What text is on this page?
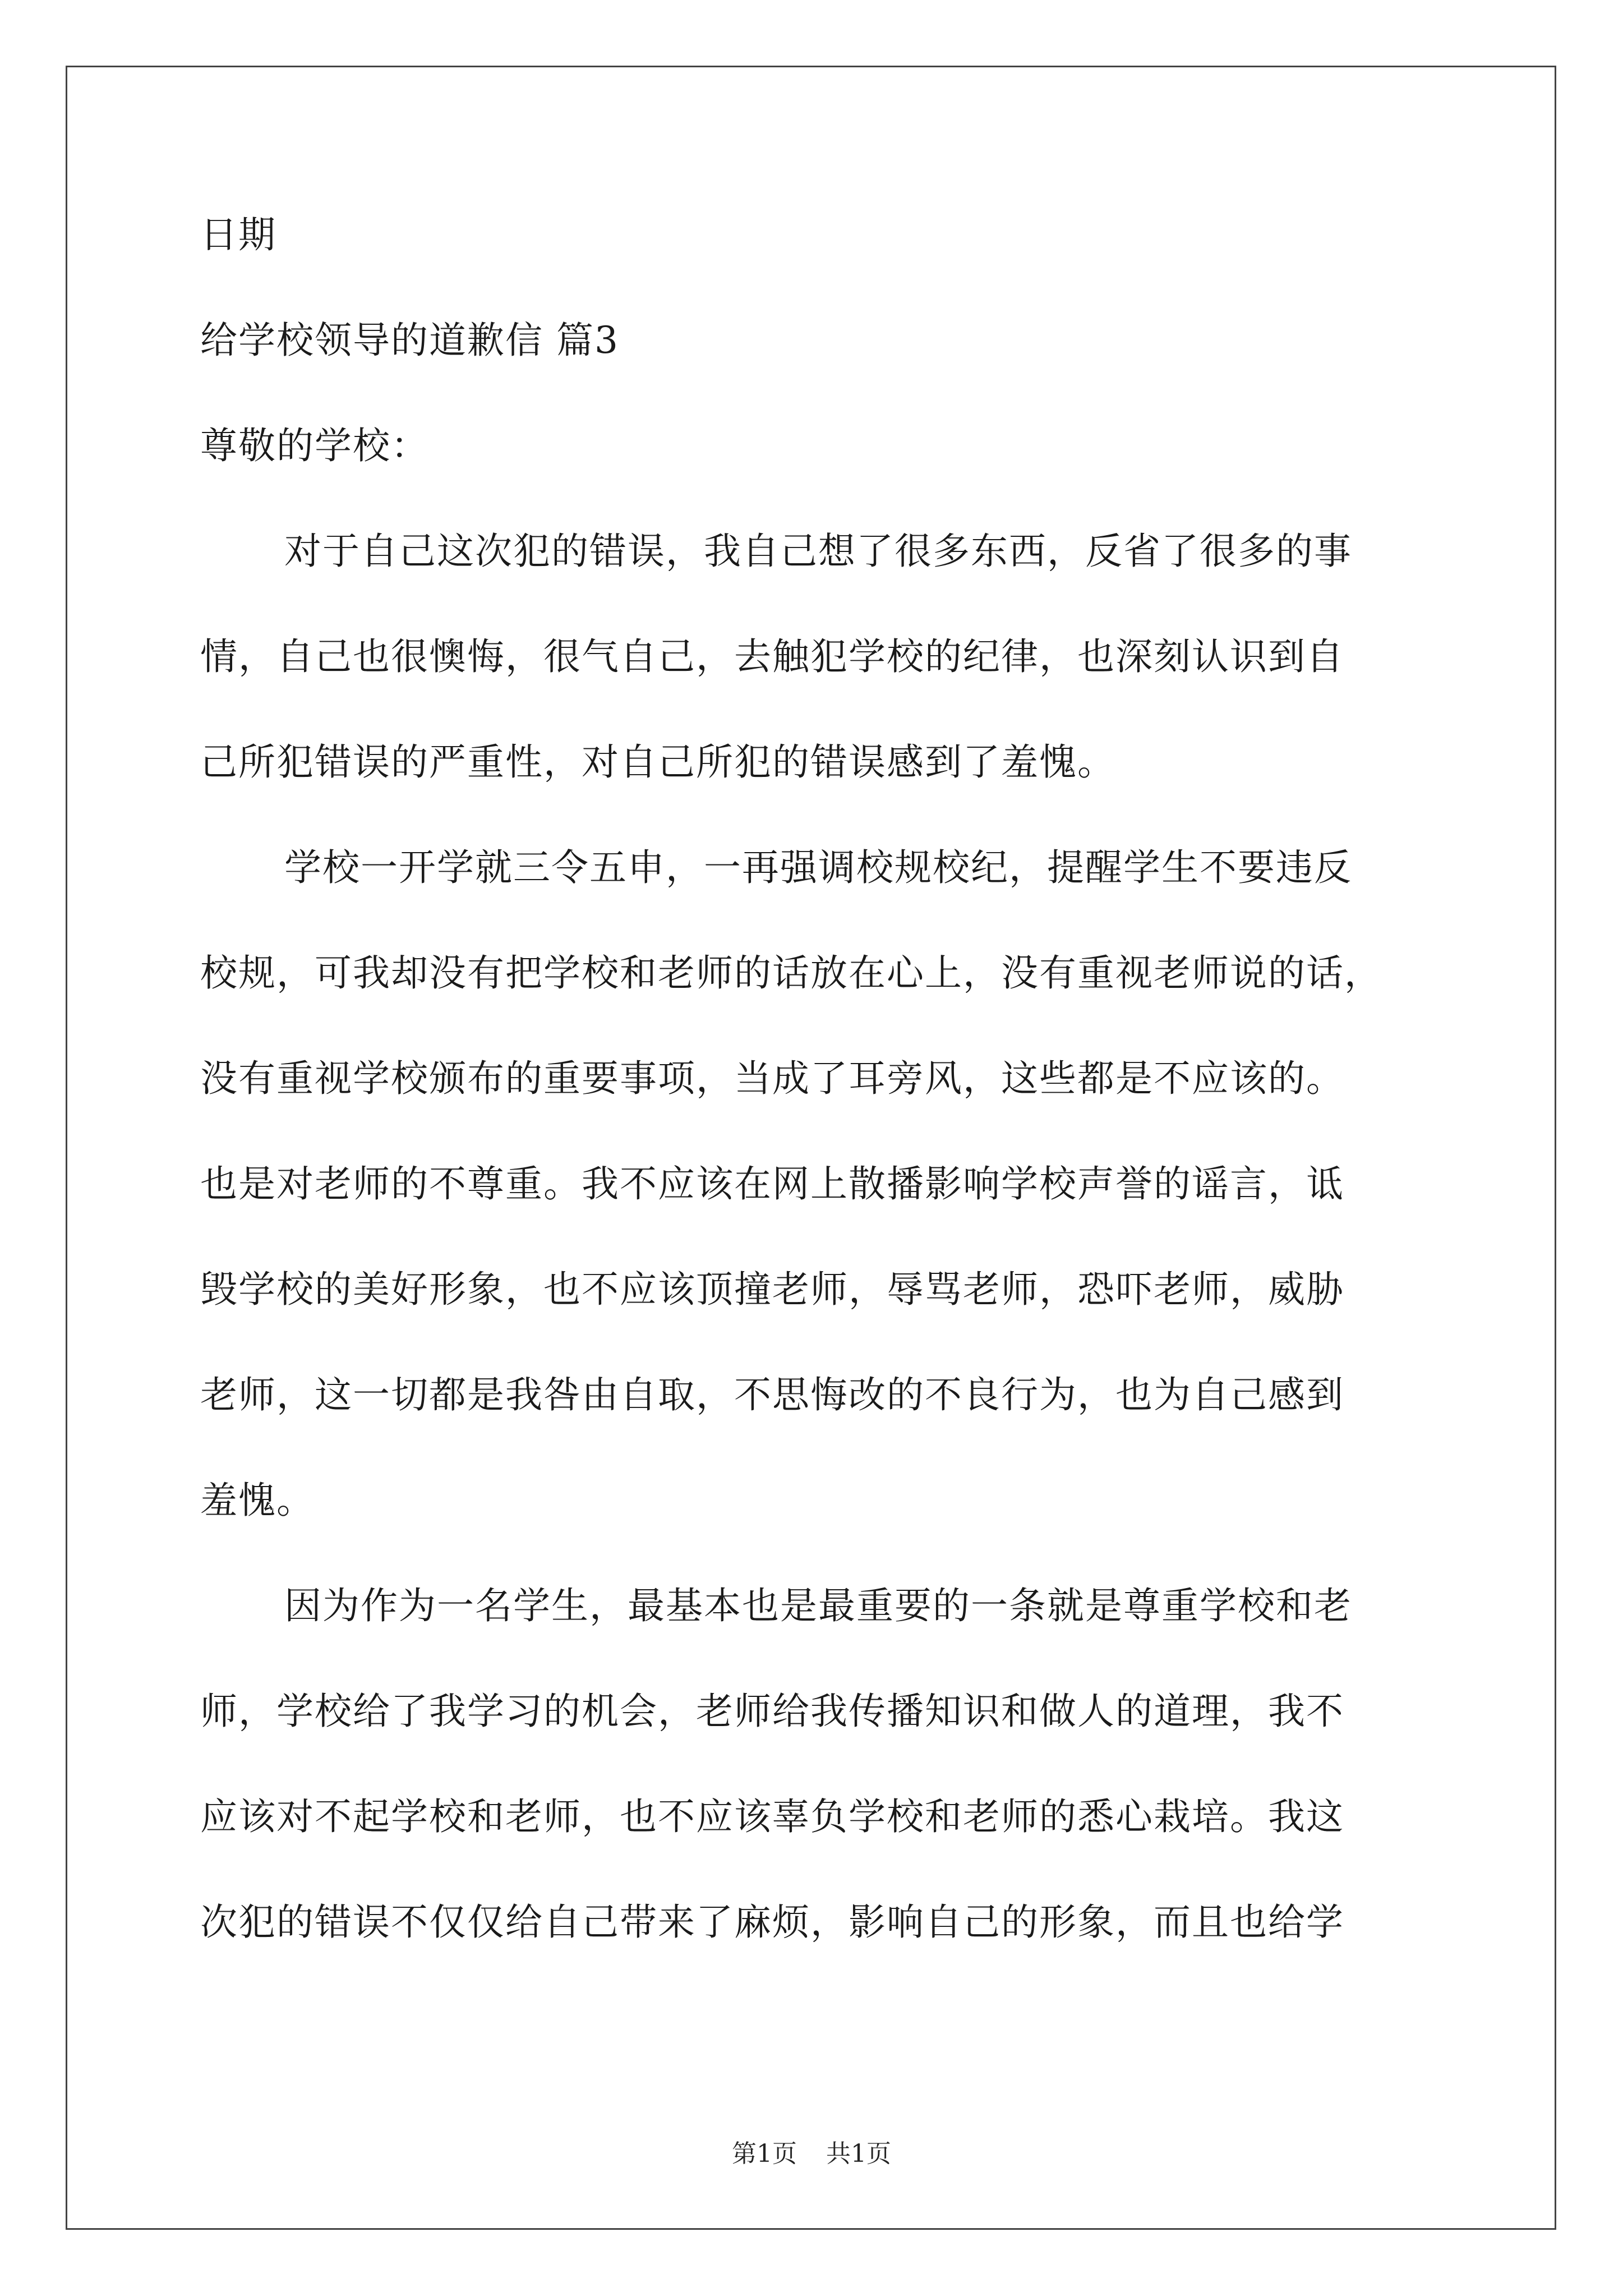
日期
给学校领导的道歉信 篇3
尊敬的学校：
对于自己这次犯的错误，我自己想了很多东西，反省了很多的事
情，自己也很懊悔，很气自己，去触犯学校的纪律，也深刻认识到自
己所犯错误的严重性，对自己所犯的错误感到了羞愧。
学校一开学就三令五申，一再强调校规校纪，提醒学生不要违反
校规，可我却没有把学校和老师的话放在心上，没有重视老师说的话，
没有重视学校颁布的重要事项，当成了耳旁风，这些都是不应该的。
也是对老师的不尊重。我不应该在网上散播影响学校声誉的谣言，诋
毁学校的美好形象，也不应该顶撞老师，辱骂老师，恐吓老师，威胁
老师，这一切都是我咎由自取，不思悔改的不良行为，也为自己感到
羞愧。
因为作为一名学生，最基本也是最重要的一条就是尊重学校和老
师，学校给了我学习的机会，老师给我传播知识和做人的道理，我不
应该对不起学校和老师，也不应该辜负学校和老师的悉心栽培。我这
次犯的错误不仅仅给自己带来了麻烦，影响自己的形象，而且也给学
第1页 共1页
